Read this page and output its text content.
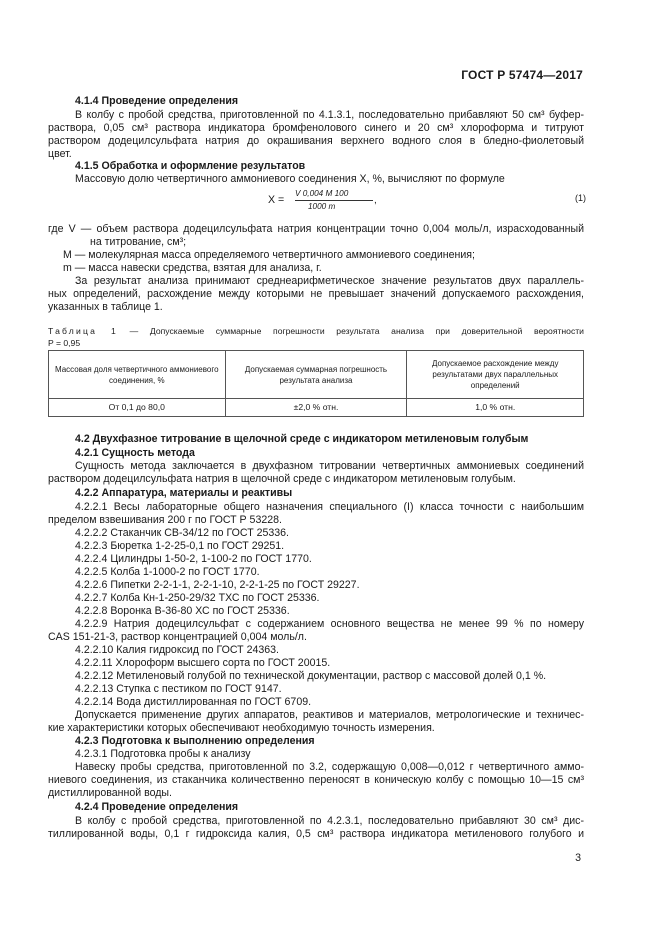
ГОСТ Р 57474—2017
4.1.4 Проведение определения
В колбу с пробой средства, приготовленной по 4.1.3.1, последовательно прибавляют 50 см³ буфер-
раствора, 0,05 см³ раствора индикатора бромфенолового синего и 20 см³ хлороформа и титруют
раствором додецилсульфата натрия до окрашивания верхнего водного слоя в бледно-фиолетовый
цвет.
4.1.5 Обработка и оформление результатов
Массовую долю четвертичного аммониевого соединения X, %, вычисляют по формуле
X =
V 0,004 M 100
1000 m
,	(1)
где V — объем раствора додецилсульфата натрия концентрации точно 0,004 моль/л, израсходованный
на титрование, см³;
M — молекулярная масса определяемого четвертичного аммониевого соединения;
m — масса навески средства, взятая для анализа, г.
За результат анализа принимают среднеарифметическое значение результатов двух параллель-
ных определений, расхождение между которыми не превышает значений допускаемого расхождения,
указанных в таблице 1.
Таблица 1 — Допускаемые суммарные погрешности результата анализа при доверительной вероятности
P = 0,95
Массовая доля четвертичного аммониевого соединения, %	Допускаемая суммарная погрешность результата анализа	Допускаемое расхождение между результатами двух параллельных определений
От 0,1 до 80,0	±2,0 % отн.	1,0 % отн.
4.2 Двухфазное титрование в щелочной среде с индикатором метиленовым голубым
4.2.1 Сущность метода
Сущность метода заключается в двухфазном титровании четвертичных аммониевых соединений
раствором додецилсульфата натрия в щелочной среде с индикатором метиленовым голубым.
4.2.2 Аппаратура, материалы и реактивы
4.2.2.1 Весы лабораторные общего назначения специального (I) класса точности с наибольшим
пределом взвешивания 200 г по ГОСТ Р 53228.
4.2.2.2 Стаканчик СВ-34/12 по ГОСТ 25336.
4.2.2.3 Бюретка 1-2-25-0,1 по ГОСТ 29251.
4.2.2.4 Цилиндры 1-50-2, 1-100-2 по ГОСТ 1770.
4.2.2.5 Колба 1-1000-2 по ГОСТ 1770.
4.2.2.6 Пипетки 2-2-1-1, 2-2-1-10, 2-2-1-25 по ГОСТ 29227.
4.2.2.7 Колба Кн-1-250-29/32 ТХС по ГОСТ 25336.
4.2.2.8 Воронка В-36-80 ХС по ГОСТ 25336.
4.2.2.9 Натрия додецилсульфат с содержанием основного вещества не менее 99 % по номеру
CAS 151-21-3, раствор концентрацией 0,004 моль/л.
4.2.2.10 Калия гидроксид по ГОСТ 24363.
4.2.2.11 Хлороформ высшего сорта по ГОСТ 20015.
4.2.2.12 Метиленовый голубой по технической документации, раствор с массовой долей 0,1 %.
4.2.2.13 Ступка с пестиком по ГОСТ 9147.
4.2.2.14 Вода дистиллированная по ГОСТ 6709.
Допускается применение других аппаратов, реактивов и материалов, метрологические и техничес-
кие характеристики которых обеспечивают необходимую точность измерения.
4.2.3 Подготовка к выполнению определения
4.2.3.1 Подготовка пробы к анализу
Навеску пробы средства, приготовленной по 3.2, содержащую 0,008—0,012 г четвертичного аммо-
ниевого соединения, из стаканчика количественно переносят в коническую колбу с помощью 10—15 см³
дистиллированной воды.
4.2.4 Проведение определения
В колбу с пробой средства, приготовленной по 4.2.3.1, последовательно прибавляют 30 см³ дис-
тиллированной воды, 0,1 г гидроксида калия, 0,5 см³ раствора индикатора метиленового голубого и
3
